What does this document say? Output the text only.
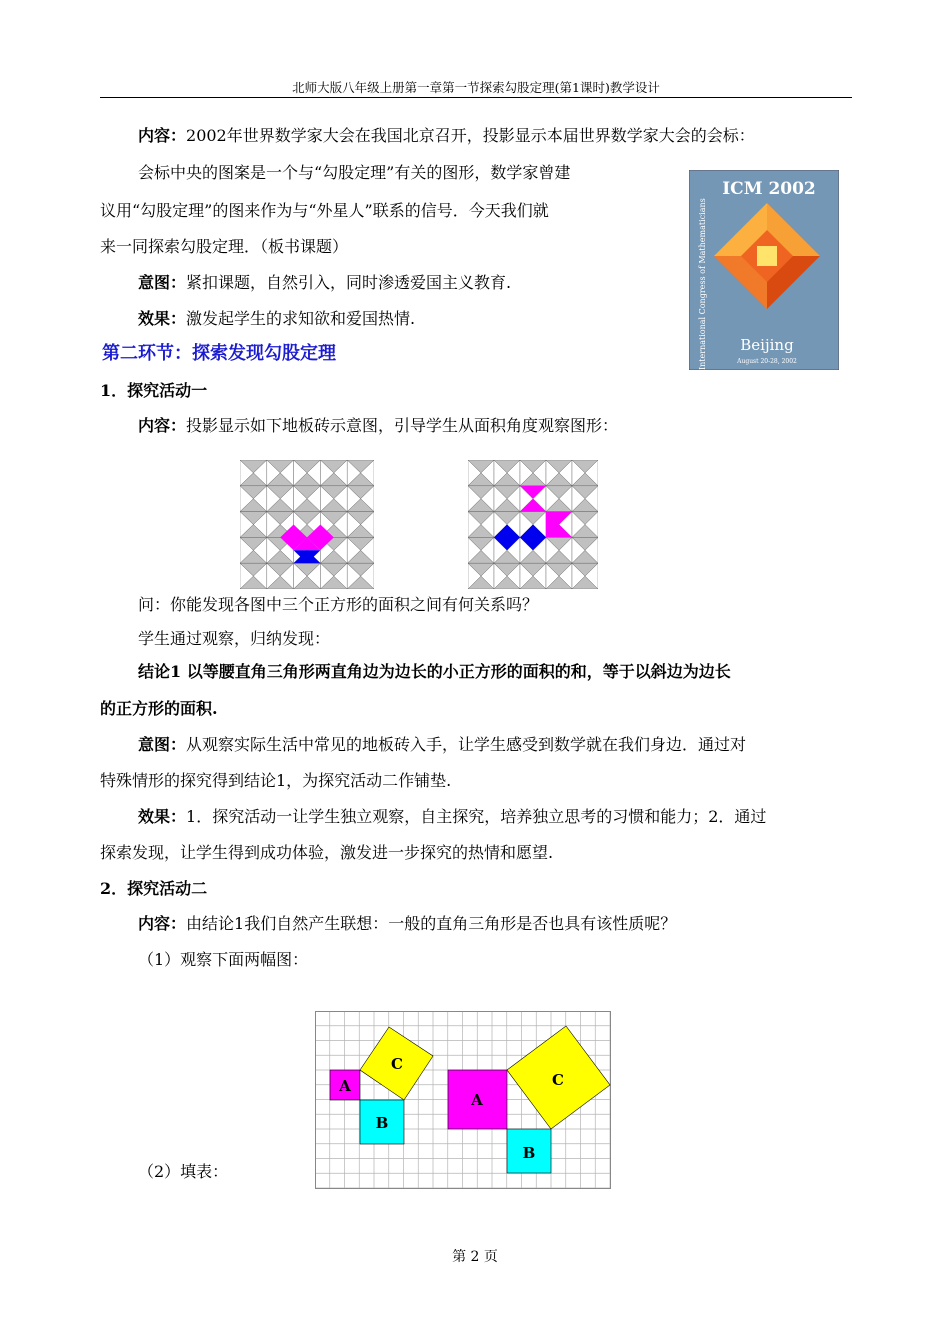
北师大版八年级上册第一章第一节探索勾股定理(第1课时)教学设计
内容：2002年世界数学家大会在我国北京召开，投影显示本届世界数学家大会的会标：
会标中央的图案是一个与“勾股定理”有关的图形，数学家曾建
议用“勾股定理”的图来作为与“外星人”联系的信号．今天我们就
来一同探索勾股定理．（板书课题）
意图：紧扣课题，自然引入，同时渗透爱国主义教育.
效果：激发起学生的求知欲和爱国热情.
ICM 2002
International Congress of Mathematicians Beijing
August 20-28, 2002
第二环节：探索发现勾股定理
1．探究活动一
内容：投影显示如下地板砖示意图，引导学生从面积角度观察图形：
问：你能发现各图中三个正方形的面积之间有何关系吗？
学生通过观察，归纳发现：
结论1 以等腰直角三角形两直角边为边长的小正方形的面积的和，等于以斜边为边长
的正方形的面积.
意图：从观察实际生活中常见的地板砖入手，让学生感受到数学就在我们身边．通过对
特殊情形的探究得到结论1，为探究活动二作铺垫.
效果：1．探究活动一让学生独立观察，自主探究，培养独立思考的习惯和能力；2．通过
探索发现，让学生得到成功体验，激发进一步探究的热情和愿望.
2．探究活动二
内容：由结论1我们自然产生联想：一般的直角三角形是否也具有该性质呢？
（1）观察下面两幅图：
A
B
C
A
B
C
（2）填表：
第 2 页
